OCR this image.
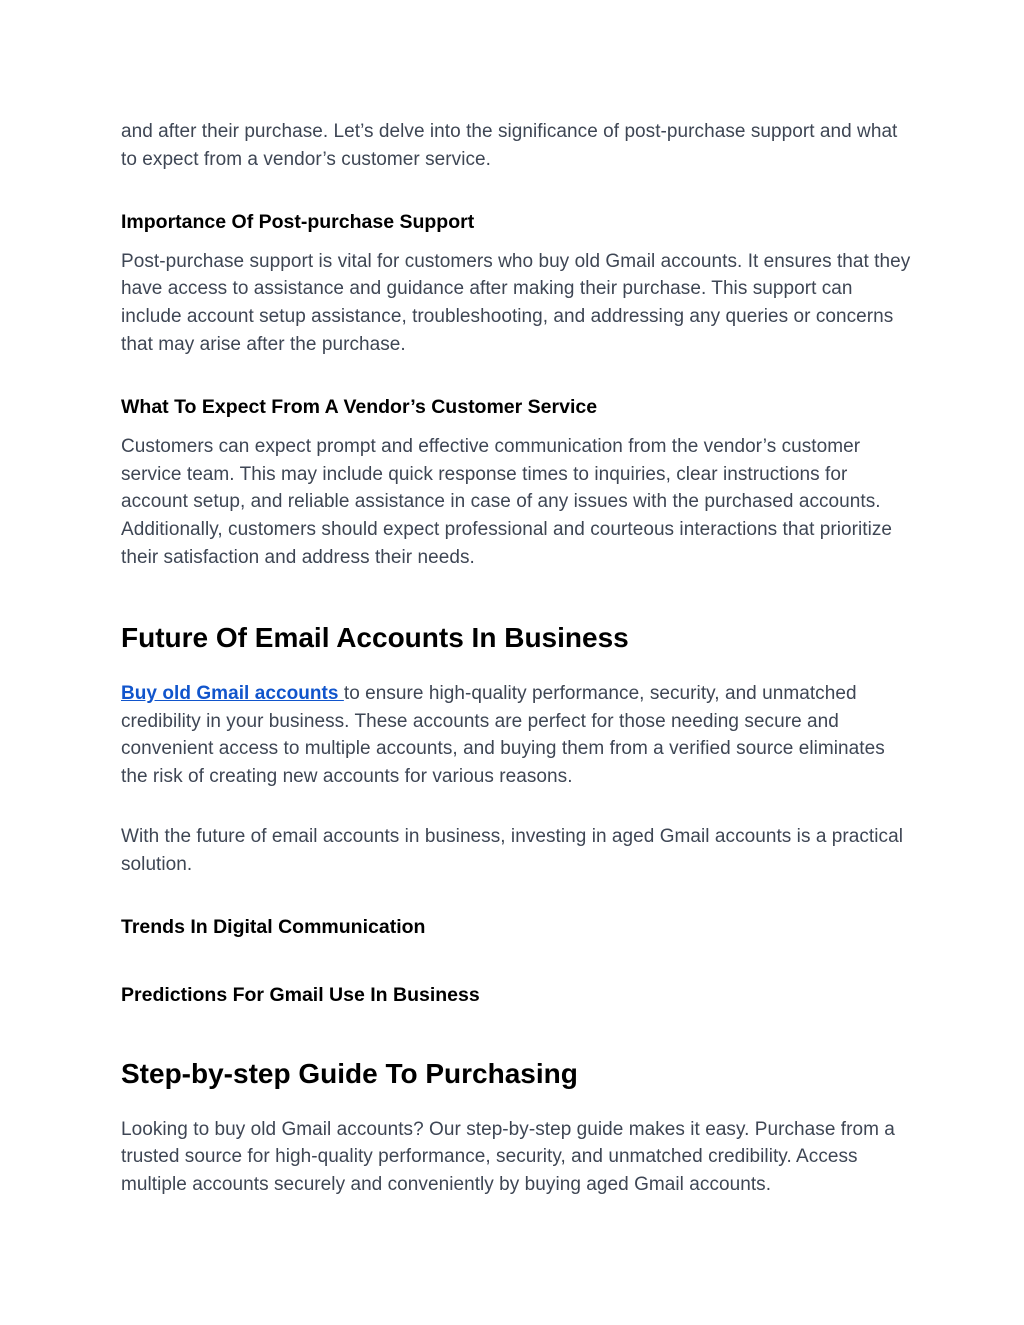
and after their purchase. Let’s delve into the significance of post-purchase support and what to expect from a vendor’s customer service.

Importance Of Post-purchase Support

Post-purchase support is vital for customers who buy old Gmail accounts. It ensures that they have access to assistance and guidance after making their purchase. This support can include account setup assistance, troubleshooting, and addressing any queries or concerns that may arise after the purchase.

What To Expect From A Vendor’s Customer Service

Customers can expect prompt and effective communication from the vendor’s customer service team. This may include quick response times to inquiries, clear instructions for account setup, and reliable assistance in case of any issues with the purchased accounts. Additionally, customers should expect professional and courteous interactions that prioritize their satisfaction and address their needs.

Future Of Email Accounts In Business

Buy old Gmail accounts to ensure high-quality performance, security, and unmatched credibility in your business. These accounts are perfect for those needing secure and convenient access to multiple accounts, and buying them from a verified source eliminates the risk of creating new accounts for various reasons.

With the future of email accounts in business, investing in aged Gmail accounts is a practical solution.

Trends In Digital Communication
Predictions For Gmail Use In Business
Step-by-step Guide To Purchasing

Looking to buy old Gmail accounts? Our step-by-step guide makes it easy. Purchase from a trusted source for high-quality performance, security, and unmatched credibility. Access multiple accounts securely and conveniently by buying aged Gmail accounts.
